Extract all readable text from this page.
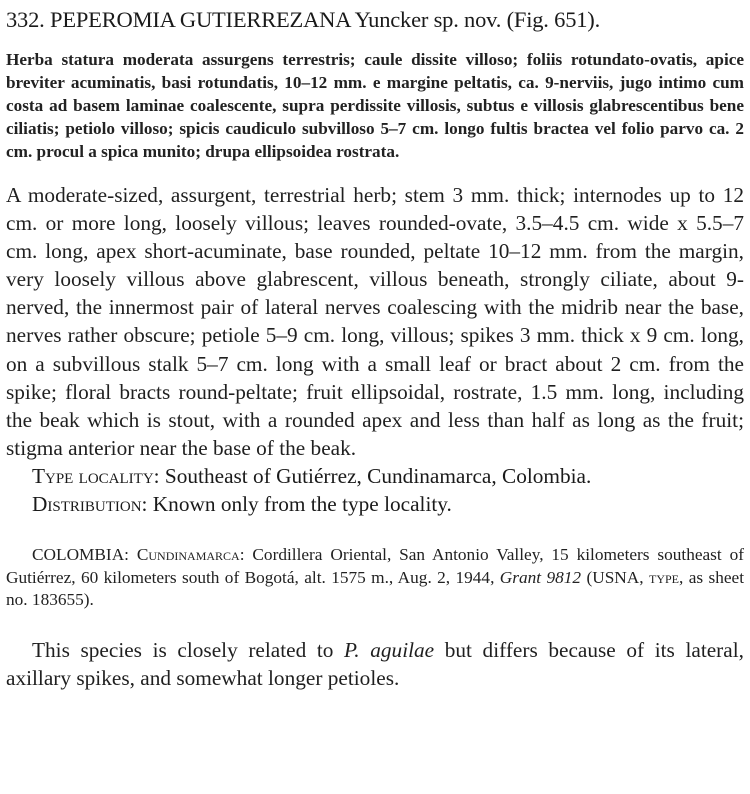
332. PEPEROMIA GUTIERREZANA Yuncker sp. nov. (Fig. 651).

Herba statura moderata assurgens terrestris; caule dissite villoso; foliis rotundato-ovatis, apice breviter acuminatis, basi rotundatis, 10–12 mm. e margine peltatis, ca. 9-nerviis, jugo intimo cum costa ad basem laminae coalescente, supra perdissite villosis, subtus e villosis glabrescentibus bene ciliatis; petiolo villoso; spicis caudiculo subvilloso 5–7 cm. longo fultis bractea vel folio parvo ca. 2 cm. procul a spica munito; drupa ellipsoidea rostrata.

A moderate-sized, assurgent, terrestrial herb; stem 3 mm. thick; internodes up to 12 cm. or more long, loosely villous; leaves rounded-ovate, 3.5–4.5 cm. wide x 5.5–7 cm. long, apex short-acuminate, base rounded, peltate 10–12 mm. from the margin, very loosely villous above glabrescent, villous beneath, strongly ciliate, about 9-nerved, the innermost pair of lateral nerves coalescing with the midrib near the base, nerves rather obscure; petiole 5–9 cm. long, villous; spikes 3 mm. thick x 9 cm. long, on a subvillous stalk 5–7 cm. long with a small leaf or bract about 2 cm. from the spike; floral bracts round-peltate; fruit ellipsoidal, rostrate, 1.5 mm. long, including the beak which is stout, with a rounded apex and less than half as long as the fruit; stigma anterior near the base of the beak.

Type locality: Southeast of Gutiérrez, Cundinamarca, Colombia.

Distribution: Known only from the type locality.

COLOMBIA: Cundinamarca: Cordillera Oriental, San Antonio Valley, 15 kilometers southeast of Gutiérrez, 60 kilometers south of Bogotá, alt. 1575 m., Aug. 2, 1944, Grant 9812 (USNA, type, as sheet no. 183655).

This species is closely related to P. aguilae but differs because of its lateral, axillary spikes, and somewhat longer petioles.
